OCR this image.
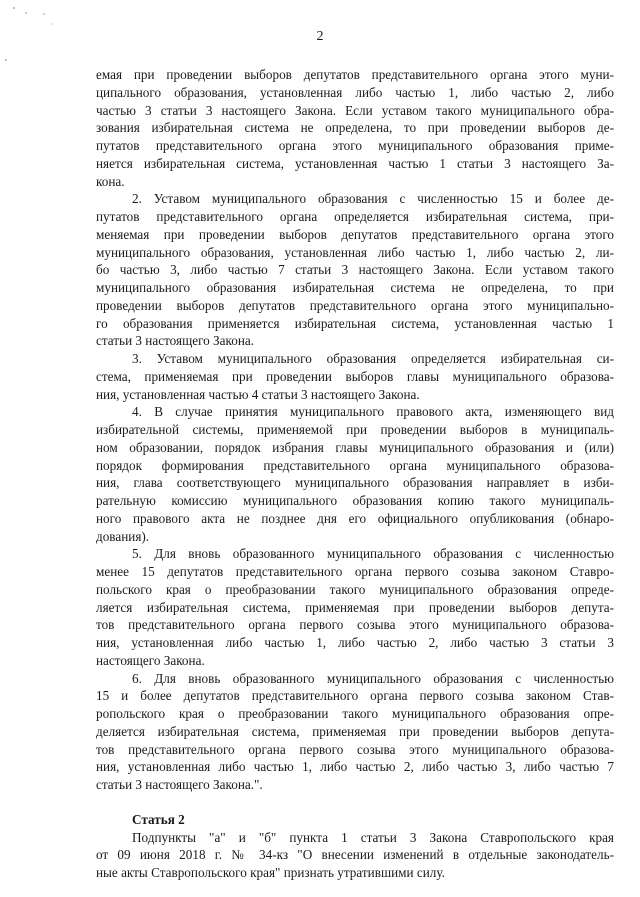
2
емая при проведении выборов депутатов представительного органа этого муни-
ципального образования, установленная либо частью 1, либо частью 2, либо
частью 3 статьи 3 настоящего Закона. Если уставом такого муниципального обра-
зования избирательная система не определена, то при проведении выборов де-
путатов представительного органа этого муниципального образования приме-
няется избирательная система, установленная частью 1 статьи 3 настоящего За-
кона.
2. Уставом муниципального образования с численностью 15 и более де-
путатов представительного органа определяется избирательная система, при-
меняемая при проведении выборов депутатов представительного органа этого
муниципального образования, установленная либо частью 1, либо частью 2, ли-
бо частью 3, либо частью 7 статьи 3 настоящего Закона. Если уставом такого
муниципального образования избирательная система не определена, то при
проведении выборов депутатов представительного органа этого муниципально-
го образования применяется избирательная система, установленная частью 1
статьи 3 настоящего Закона.
3. Уставом муниципального образования определяется избирательная си-
стема, применяемая при проведении выборов главы муниципального образова-
ния, установленная частью 4 статьи 3 настоящего Закона.
4. В случае принятия муниципального правового акта, изменяющего вид
избирательной системы, применяемой при проведении выборов в муниципаль-
ном образовании, порядок избрания главы муниципального образования и (или)
порядок формирования представительного органа муниципального образова-
ния, глава соответствующего муниципального образования направляет в изби-
рательную комиссию муниципального образования копию такого муниципаль-
ного правового акта не позднее дня его официального опубликования (обнаро-
дования).
5. Для вновь образованного муниципального образования с численностью
менее 15 депутатов представительного органа первого созыва законом Ставро-
польского края о преобразовании такого муниципального образования опреде-
ляется избирательная система, применяемая при проведении выборов депута-
тов представительного органа первого созыва этого муниципального образова-
ния, установленная либо частью 1, либо частью 2, либо частью 3 статьи 3
настоящего Закона.
6. Для вновь образованного муниципального образования с численностью
15 и более депутатов представительного органа первого созыва законом Став-
ропольского края о преобразовании такого муниципального образования опре-
деляется избирательная система, применяемая при проведении выборов депута-
тов представительного органа первого созыва этого муниципального образова-
ния, установленная либо частью 1, либо частью 2, либо частью 3, либо частью 7
статьи 3 настоящего Закона.".
Статья 2
Подпункты "а" и "б" пункта 1 статьи 3 Закона Ставропольского края
от 09 июня 2018 г. № 34-кз "О внесении изменений в отдельные законодатель-
ные акты Ставропольского края" признать утратившими силу.
